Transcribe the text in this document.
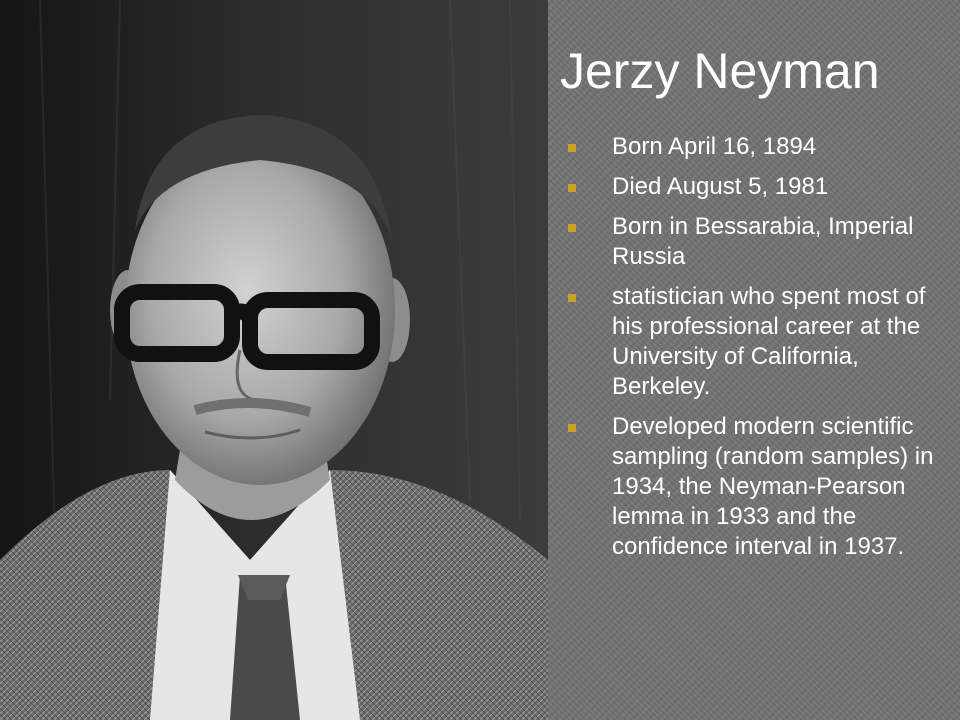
Jerzy Neyman
Born April 16, 1894
Died August 5, 1981
Born in Bessarabia, Imperial Russia
statistician who spent most of his professional career at the University of California, Berkeley.
Developed modern scientific sampling (random samples) in 1934, the Neyman-Pearson lemma in 1933 and the confidence interval in 1937.
